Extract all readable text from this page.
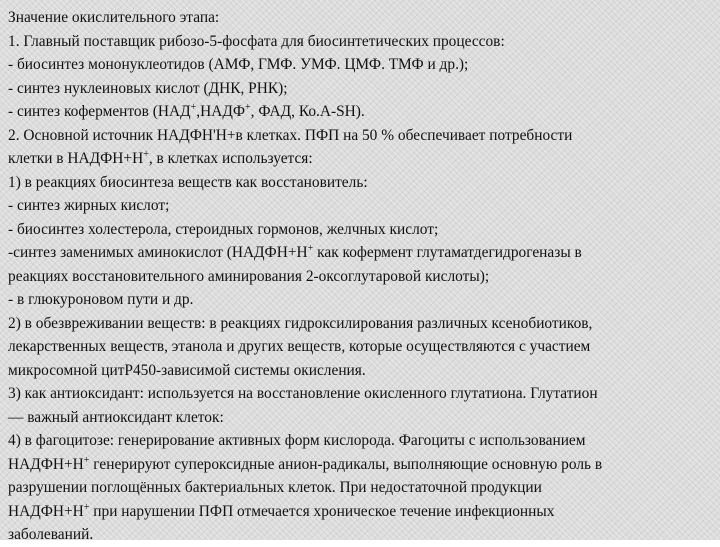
Значение окислительного этапа:
1. Главный поставщик рибозо-5-фосфата для биосинтетических процессов:
- биосинтез мононуклеотидов (АМФ, ГМФ. УМФ. ЦМФ. ТМФ и др.);
- синтез нуклеиновых кислот (ДНК, РНК);
- синтез коферментов (НАД+,НАДФ+, ФАД, Ко.А-SH).
2. Основной источник НАДФН'Н+в клетках. ПФП на 50 % обеспечивает потребности
клетки в НАДФН+Н+, в клетках используется:
1) в реакциях биосинтеза веществ как восстановитель:
- синтез жирных кислот;
- биосинтез холестерола, стероидных гормонов, желчных кислот;
-синтез заменимых аминокислот (НАДФН+Н+ как кофермент глутаматдегидрогеназы в
реакциях восстановительного аминирования 2-оксоглутаровой кислоты);
- в глюкуроновом пути и др.
2) в обезвреживании веществ: в реакциях гидроксилирования различных ксенобиотиков,
лекарственных веществ, этанола и других веществ, которые осуществляются с участием
микросомной цитР450-зависимой системы окисления.
3) как антиоксидант: используется на восстановление окисленного глутатиона. Глутатион
— важный антиоксидант клеток:
4) в фагоцитозе: генерирование активных форм кислорода. Фагоциты с использованием
НАДФН+Н+ генерируют супероксидные анион-радикалы, выполняющие основную роль в
разрушении поглощённых бактериальных клеток. При недостаточной продукции
НАДФН+Н+ при нарушении ПФП отмечается хроническое течение инфекционных
заболеваний.
